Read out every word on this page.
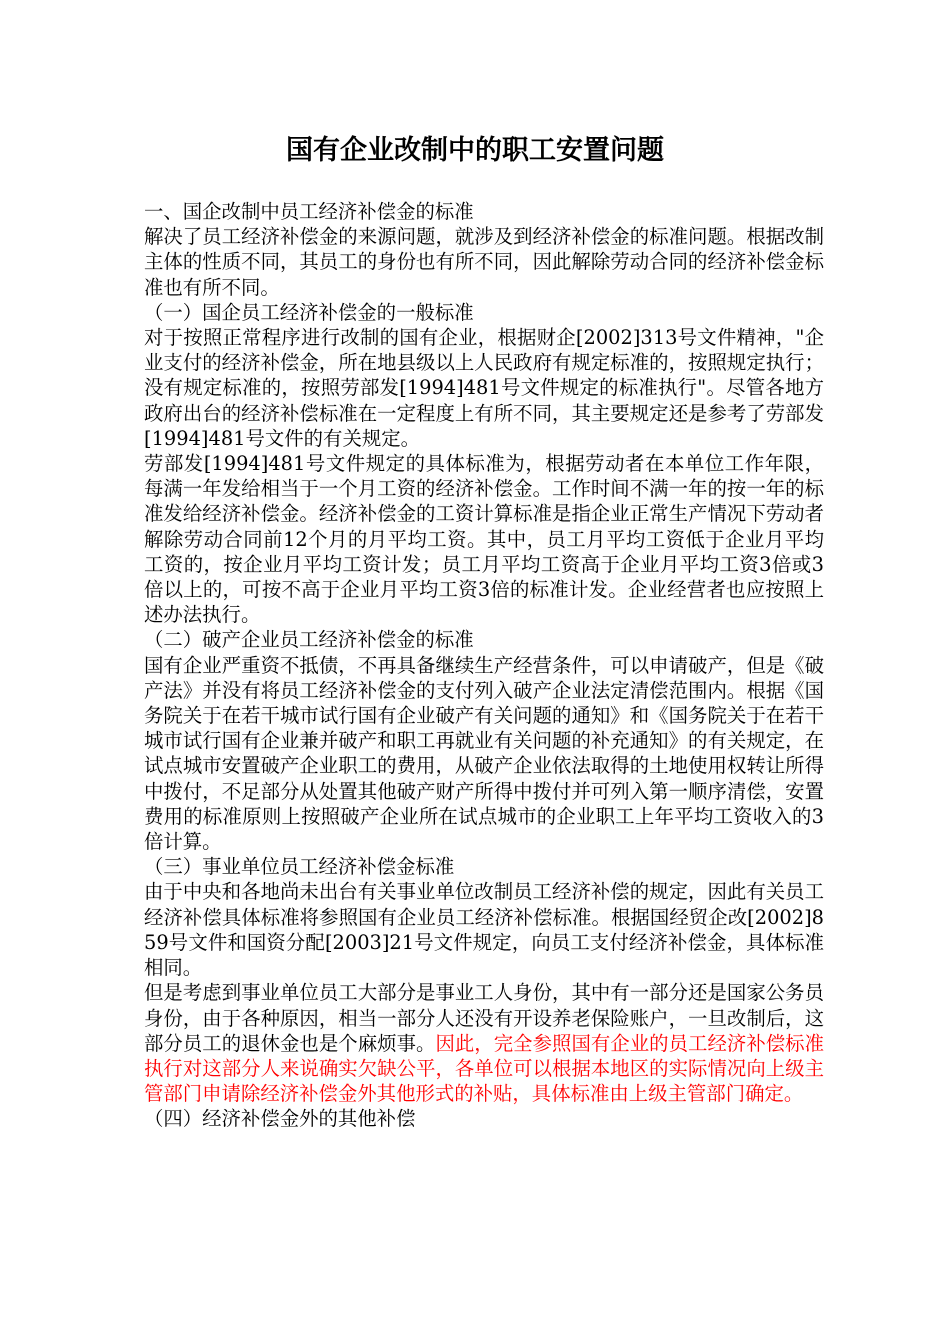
国有企业改制中的职工安置问题

一、国企改制中员工经济补偿金的标准

解决了员工经济补偿金的来源问题，就涉及到经济补偿金的标准问题。根据改制主体的性质不同，其员工的身份也有所不同，因此解除劳动合同的经济补偿金标准也有所不同。

（一）国企员工经济补偿金的一般标准

对于按照正常程序进行改制的国有企业，根据财企[2002]313号文件精神，"企业支付的经济补偿金，所在地县级以上人民政府有规定标准的，按照规定执行；没有规定标准的，按照劳部发[1994]481号文件规定的标准执行"。尽管各地方政府出台的经济补偿标准在一定程度上有所不同，其主要规定还是参考了劳部发[1994]481号文件的有关规定。

劳部发[1994]481号文件规定的具体标准为，根据劳动者在本单位工作年限，每满一年发给相当于一个月工资的经济补偿金。工作时间不满一年的按一年的标准发给经济补偿金。经济补偿金的工资计算标准是指企业正常生产情况下劳动者解除劳动合同前12个月的月平均工资。其中，员工月平均工资低于企业月平均工资的，按企业月平均工资计发；员工月平均工资高于企业月平均工资3倍或3倍以上的，可按不高于企业月平均工资3倍的标准计发。企业经营者也应按照上述办法执行。

（二）破产企业员工经济补偿金的标准

国有企业严重资不抵债，不再具备继续生产经营条件，可以申请破产，但是《破产法》并没有将员工经济补偿金的支付列入破产企业法定清偿范围内。根据《国务院关于在若干城市试行国有企业破产有关问题的通知》和《国务院关于在若干城市试行国有企业兼并破产和职工再就业有关问题的补充通知》的有关规定，在试点城市安置破产企业职工的费用，从破产企业依法取得的土地使用权转让所得中拨付，不足部分从处置其他破产财产所得中拨付并可列入第一顺序清偿，安置费用的标准原则上按照破产企业所在试点城市的企业职工上年平均工资收入的3倍计算。

（三）事业单位员工经济补偿金标准

由于中央和各地尚未出台有关事业单位改制员工经济补偿的规定，因此有关员工经济补偿具体标准将参照国有企业员工经济补偿标准。根据国经贸企改[2002]859号文件和国资分配[2003]21号文件规定，向员工支付经济补偿金，具体标准相同。

但是考虑到事业单位员工大部分是事业工人身份，其中有一部分还是国家公务员身份，由于各种原因，相当一部分人还没有开设养老保险账户，一旦改制后，这部分员工的退休金也是个麻烦事。因此，完全参照国有企业的员工经济补偿标准执行对这部分人来说确实欠缺公平，各单位可以根据本地区的实际情况向上级主管部门申请除经济补偿金外其他形式的补贴，具体标准由上级主管部门确定。

（四）经济补偿金外的其他补偿
